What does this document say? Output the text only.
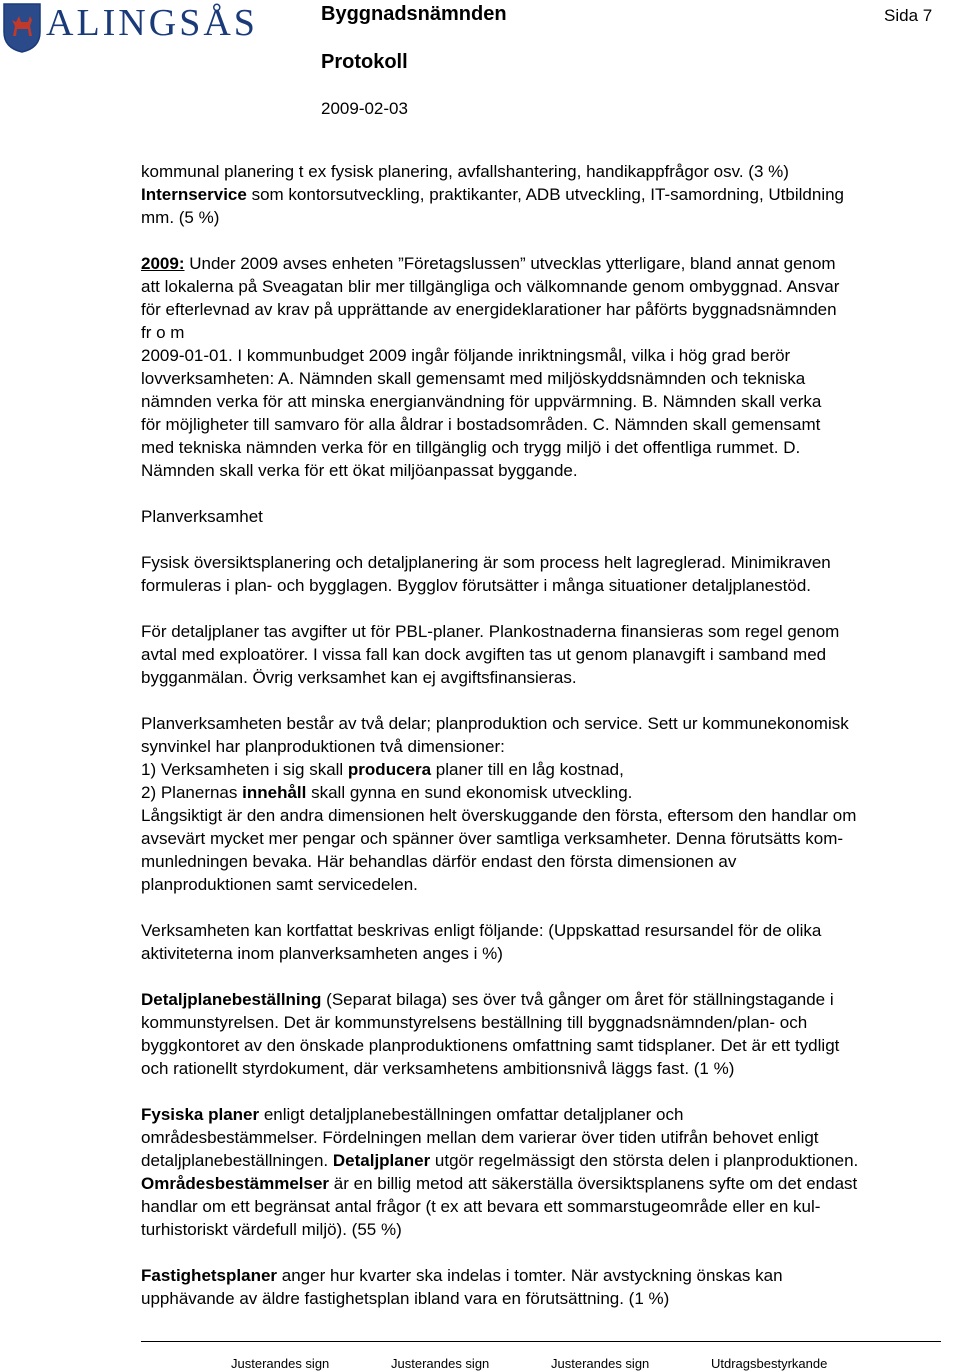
ALINGSÅS	Byggnadsnämnden
Protokoll
2009-02-03
Sida 7

kommunal planering t ex fysisk planering, avfallshantering, handikappfrågor osv. (3 %)

Internservice som kontorsutveckling, praktikanter, ADB utveckling, IT-samordning, Utbildning

mm. (5 %)

2009: Under 2009 avses enheten ”Företagslussen” utvecklas ytterligare, bland annat genom

att lokalerna på Sveagatan blir mer tillgängliga och välkomnande genom ombyggnad. Ansvar

för efterlevnad av krav på upprättande av energideklarationer har påförts byggnadsnämnden

fr o m

2009-01-01. I kommunbudget 2009 ingår följande inriktningsmål, vilka i hög grad berör

lovverksamheten: A. Nämnden skall gemensamt med miljöskyddsnämnden och tekniska

nämnden verka för att minska energianvändning för uppvärmning. B. Nämnden skall verka

för möjligheter till samvaro för alla åldrar i bostadsområden. C. Nämnden skall gemensamt

med tekniska nämnden verka för en tillgänglig och trygg miljö i det offentliga rummet. D.

Nämnden skall verka för ett ökat miljöanpassat byggande.

Planverksamhet

Fysisk översiktsplanering och detaljplanering är som process helt lagreglerad. Minimikraven

formuleras i plan- och bygglagen. Bygglov förutsätter i många situationer detaljplanestöd.

För detaljplaner tas avgifter ut för PBL-planer. Plankostnaderna finansieras som regel genom

avtal med exploatörer. I vissa fall kan dock avgiften tas ut genom planavgift i samband med

bygganmälan. Övrig verksamhet kan ej avgiftsfinansieras.

Planverksamheten består av två delar; planproduktion och service. Sett ur kommunekonomisk

synvinkel har planproduktionen två dimensioner:

1) Verksamheten i sig skall producera planer till en låg kostnad,

2) Planernas innehåll skall gynna en sund ekonomisk utveckling.

Långsiktigt är den andra dimensionen helt överskuggande den första, eftersom den handlar om

avsevärt mycket mer pengar och spänner över samtliga verksamheter. Denna förutsätts kom-

munledningen bevaka. Här behandlas därför endast den första dimensionen av

planproduktionen samt servicedelen.

Verksamheten kan kortfattat beskrivas enligt följande: (Uppskattad resursandel för de olika

aktiviteterna inom planverksamheten anges i %)

Detaljplanebeställning (Separat bilaga) ses över två gånger om året för ställningstagande i

kommunstyrelsen. Det är kommunstyrelsens beställning till byggnadsnämnden/plan- och

byggkontoret av den önskade planproduktionens omfattning samt tidsplaner. Det är ett tydligt

och rationellt styrdokument, där verksamhetens ambitionsnivå läggs fast. (1 %)

Fysiska planer enligt detaljplanebeställningen omfattar detaljplaner och

områdesbestämmelser. Fördelningen mellan dem varierar över tiden utifrån behovet enligt

detaljplanebeställningen. Detaljplaner utgör regelmässigt den största delen i planproduktionen.

Områdesbestämmelser är en billig metod att säkerställa översiktsplanens syfte om det endast

handlar om ett begränsat antal frågor (t ex att bevara ett sommarstugeområde eller en kul-

turhistoriskt värdefull miljö). (55 %)

Fastighetsplaner anger hur kvarter ska indelas i tomter. När avstyckning önskas kan

upphävande av äldre fastighetsplan ibland vara en förutsättning. (1 %)

Justerandes sign	Justerandes sign	Justerandes sign	Utdragsbestyrkande
